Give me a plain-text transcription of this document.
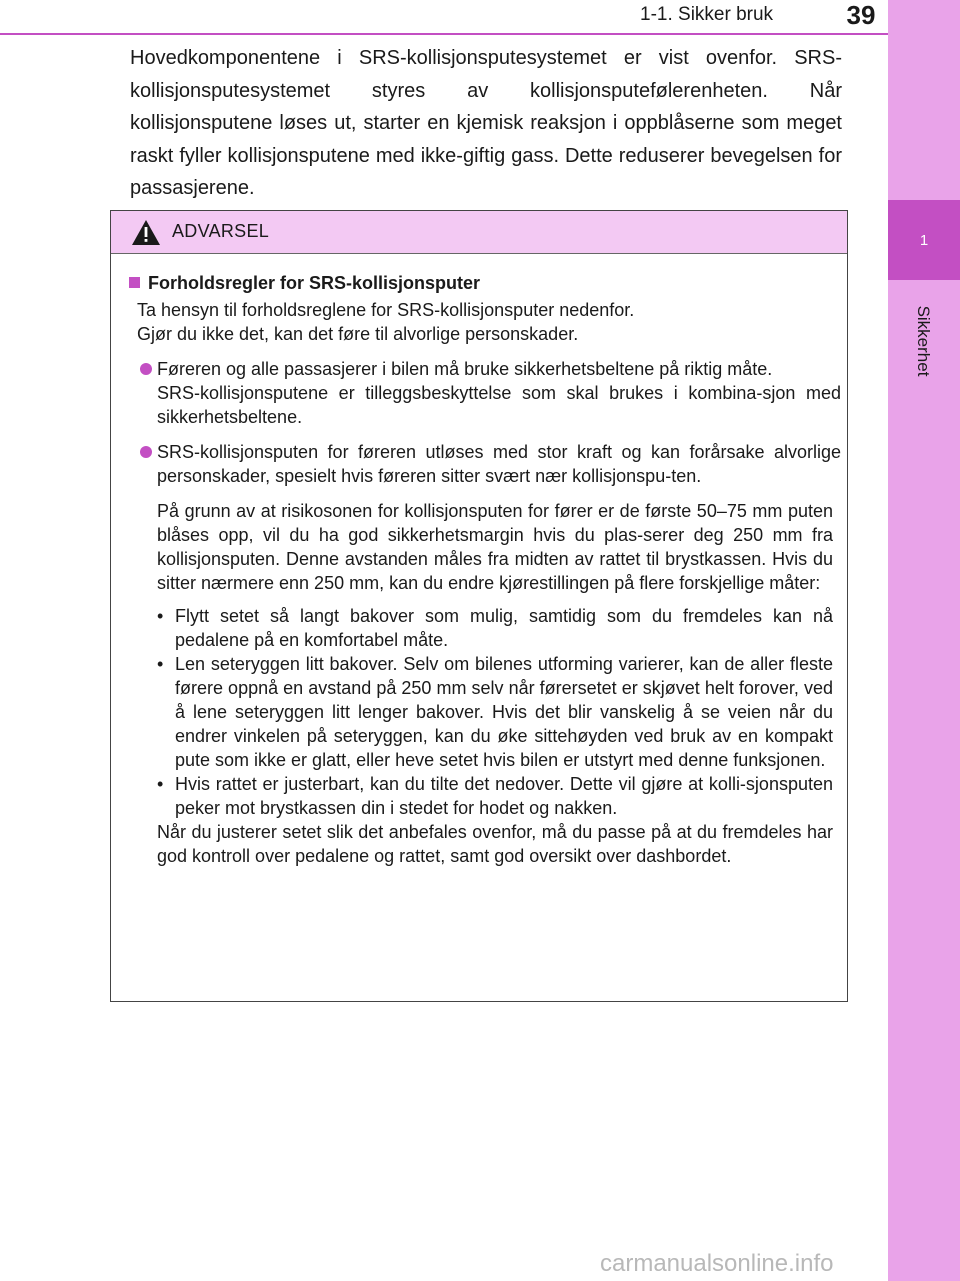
1
Sikkerhet
1-1. Sikker bruk	39
Hovedkomponentene i SRS-kollisjonsputesystemet er vist ovenfor. SRS-kollisjonsputesystemet styres av kollisjonsputefølerenheten. Når kollisjonsputene løses ut, starter en kjemisk reaksjon i oppblåserne som meget raskt fyller kollisjonsputene med ikke-giftig gass. Dette reduserer bevegelsen for passasjerene.
ADVARSEL
Forholdsregler for SRS-kollisjonsputer
Ta hensyn til forholdsreglene for SRS-kollisjonsputer nedenfor.
Gjør du ikke det, kan det føre til alvorlige personskader.

Føreren og alle passasjerer i bilen må bruke sikkerhetsbeltene på riktig måte.

SRS-kollisjonsputene er tilleggsbeskyttelse som skal brukes i kombina-sjon med sikkerhetsbeltene.

SRS-kollisjonsputen for føreren utløses med stor kraft og kan forårsake alvorlige personskader, spesielt hvis føreren sitter svært nær kollisjonspu-ten.

På grunn av at risikosonen for kollisjonsputen for fører er de første 50–75 mm puten blåses opp, vil du ha god sikkerhetsmargin hvis du plas-serer deg 250 mm fra kollisjonsputen. Denne avstanden måles fra midten av rattet til brystkassen. Hvis du sitter nærmere enn 250 mm, kan du endre kjørestillingen på flere forskjellige måter:
• Flytt setet så langt bakover som mulig, samtidig som du fremdeles kan nå pedalene på en komfortabel måte.
• Len seteryggen litt bakover. Selv om bilenes utforming varierer, kan de aller fleste førere oppnå en avstand på 250 mm selv når førersetet er skjøvet helt forover, ved å lene seteryggen litt lenger bakover. Hvis det blir vanskelig å se veien når du endrer vinkelen på seteryggen, kan du øke sittehøyden ved bruk av en kompakt pute som ikke er glatt, eller heve setet hvis bilen er utstyrt med denne funksjonen.
• Hvis rattet er justerbart, kan du tilte det nedover. Dette vil gjøre at kolli-sjonsputen peker mot brystkassen din i stedet for hodet og nakken.
Når du justerer setet slik det anbefales ovenfor, må du passe på at du fremdeles har god kontroll over pedalene og rattet, samt god oversikt over dashbordet.
carmanualsonline.info
